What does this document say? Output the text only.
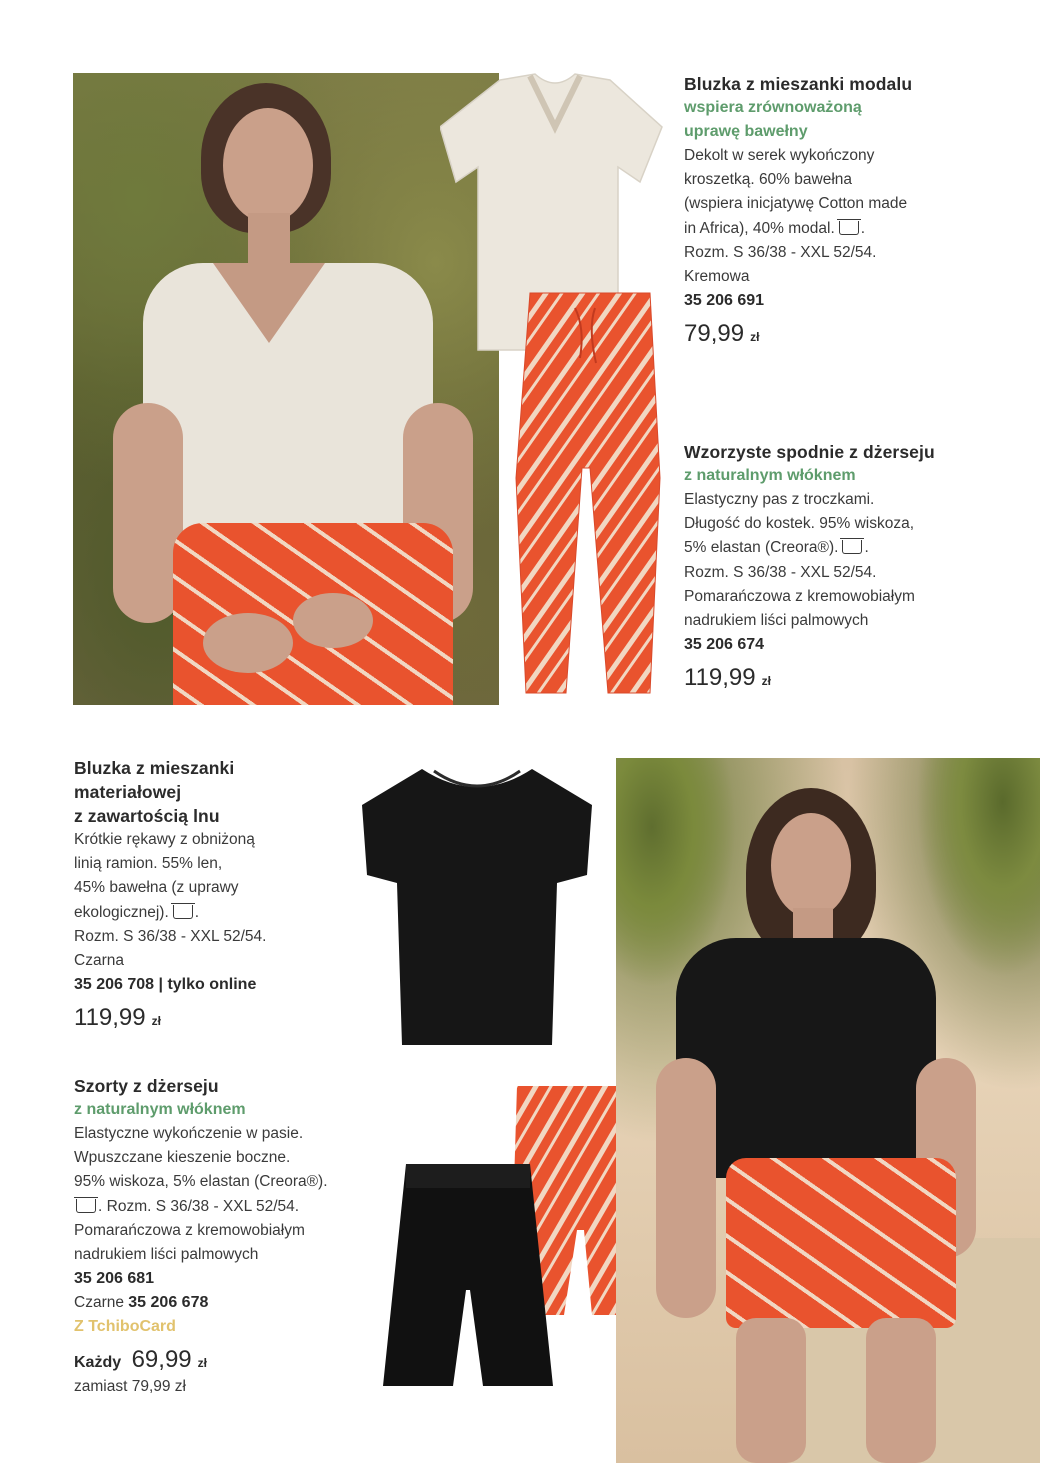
Bluzka z mieszanki modalu
wspiera zrównoważoną
uprawę bawełny
Dekolt w serek wykończony
kroszetką. 60% bawełna
(wspiera inicjatywę Cotton made
in Africa), 40% modal. .
Rozm. S 36/38 - XXL 52/54.
Kremowa
35 206 691
79,99 zł
Wzorzyste spodnie z dżerseju
z naturalnym włóknem
Elastyczny pas z troczkami.
Długość do kostek. 95% wiskoza,
5% elastan (Creora®). .
Rozm. S 36/38 - XXL 52/54.
Pomarańczowa z kremowobiałym
nadrukiem liści palmowych
35 206 674
119,99 zł
Bluzka z mieszanki
materiałowej
z zawartością lnu
Krótkie rękawy z obniżoną
linią ramion. 55% len,
45% bawełna (z uprawy
ekologicznej). .
Rozm. S 36/38 - XXL 52/54.
Czarna
35 206 708 | tylko online
119,99 zł
Szorty z dżerseju
z naturalnym włóknem
Elastyczne wykończenie w pasie.
Wpuszczane kieszenie boczne.
95% wiskoza, 5% elastan (Creora®).
. Rozm. S 36/38 - XXL 52/54.
Pomarańczowa z kremowobiałym
nadrukiem liści palmowych
35 206 681
Czarne 35 206 678
Z TchiboCard
Każdy 69,99 zł
zamiast 79,99 zł
